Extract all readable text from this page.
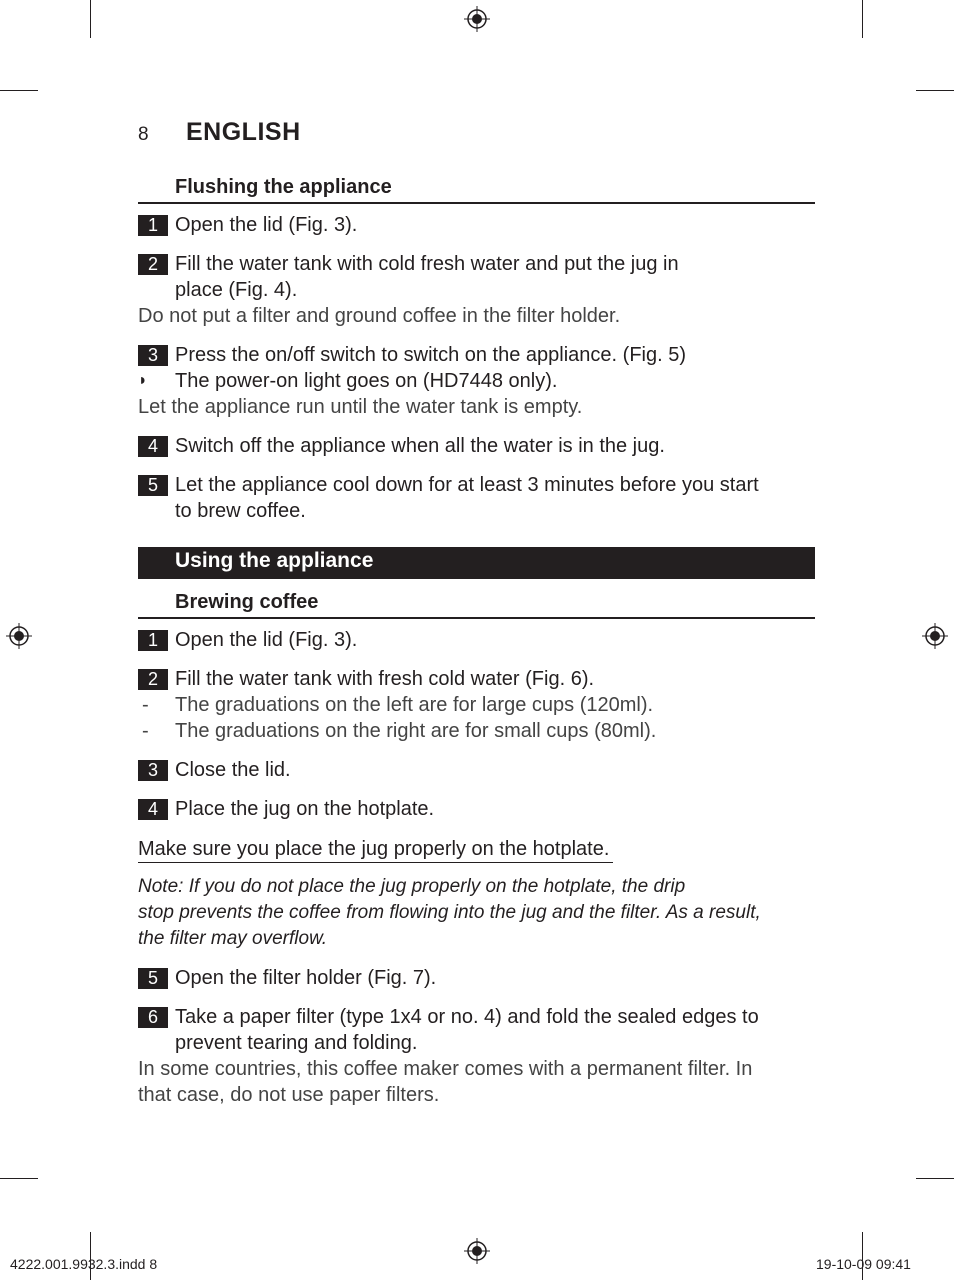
8 ENGLISH
Flushing the appliance
1 Open the lid (Fig. 3).
2 Fill the water tank with cold fresh water and put the jug in
place (Fig. 4).
Do not put a filter and ground coffee in the filter holder.
3 Press the on/off switch to switch on the appliance. (Fig. 5)
◗ The power-on light goes on (HD7448 only).
Let the appliance run until the water tank is empty.
4 Switch off the appliance when all the water is in the jug.
5 Let the appliance cool down for at least 3 minutes before you start
to brew coffee.
Using the appliance
Brewing coffee
1 Open the lid (Fig. 3).
2 Fill the water tank with fresh cold water (Fig. 6).
- The graduations on the left are for large cups (120ml).
- The graduations on the right are for small cups (80ml).
3 Close the lid.
4 Place the jug on the hotplate.
Make sure you place the jug properly on the hotplate.
Note: If you do not place the jug properly on the hotplate, the drip
stop prevents the coffee from flowing into the jug and the filter. As a result,
the filter may overflow.
5 Open the filter holder (Fig. 7).
6 Take a paper filter (type 1x4 or no. 4) and fold the sealed edges to
prevent tearing and folding.
In some countries, this coffee maker comes with a permanent filter. In
that case, do not use paper filters.
4222.001.9932.3.indd 8	19-10-09 09:41
